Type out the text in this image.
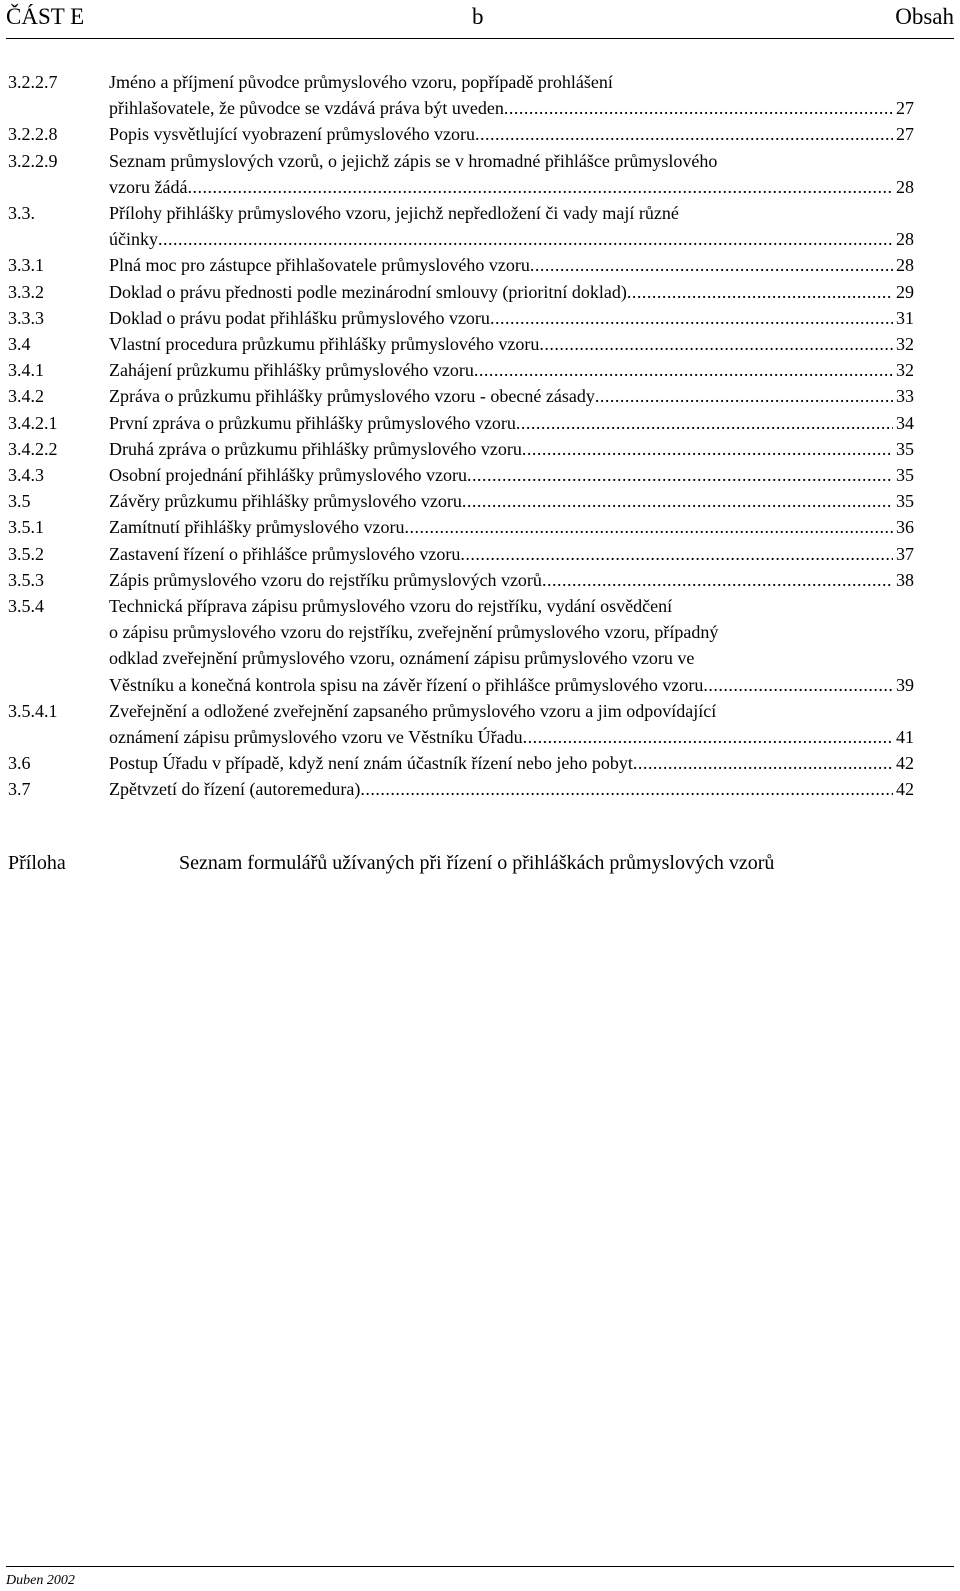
ČÁST E	b	Obsah
3.2.2.7	Jméno a příjmení původce průmyslového vzoru, popřípadě prohlášení
přihlašovatele, že původce se vzdává práva být uveden .....	27
3.2.2.8	Popis vysvětlující vyobrazení průmyslového vzoru .....	27
3.2.2.9	Seznam průmyslových vzorů, o jejichž zápis se v hromadné přihlášce průmyslového
vzoru žádá .....	28
3.3.	Přílohy přihlášky průmyslového vzoru, jejichž nepředložení či vady mají různé
účinky .....	28
3.3.1	Plná moc pro zástupce přihlašovatele průmyslového vzoru .....	28
3.3.2	Doklad o právu přednosti podle mezinárodní smlouvy (prioritní doklad) .....	29
3.3.3	Doklad o právu podat přihlášku průmyslového vzoru .....	31
3.4	Vlastní procedura průzkumu přihlášky průmyslového vzoru .....	32
3.4.1	Zahájení průzkumu přihlášky průmyslového vzoru .....	32
3.4.2	Zpráva o průzkumu přihlášky průmyslového vzoru - obecné zásady .....	33
3.4.2.1	První zpráva o průzkumu přihlášky průmyslového vzoru .....	34
3.4.2.2	Druhá zpráva o průzkumu přihlášky průmyslového vzoru .....	35
3.4.3	Osobní projednání přihlášky průmyslového vzoru .....	35
3.5	Závěry průzkumu přihlášky průmyslového vzoru .....	35
3.5.1	Zamítnutí přihlášky průmyslového vzoru .....	36
3.5.2	Zastavení řízení o přihlášce průmyslového vzoru .....	37
3.5.3	Zápis průmyslového vzoru do rejstříku průmyslových vzorů .....	38
3.5.4	Technická příprava zápisu průmyslového vzoru do rejstříku, vydání osvědčení
o zápisu průmyslového vzoru do rejstříku, zveřejnění průmyslového vzoru, případný
odklad zveřejnění průmyslového vzoru, oznámení zápisu průmyslového vzoru ve
Věstníku a konečná kontrola spisu na závěr řízení o přihlášce průmyslového vzoru .....	39
3.5.4.1	Zveřejnění a odložené zveřejnění zapsaného průmyslového vzoru a jim odpovídající
oznámení zápisu průmyslového vzoru ve Věstníku Úřadu .....	41
3.6	Postup Úřadu v případě, když není znám účastník řízení nebo jeho pobyt .....	42
3.7	Zpětvzetí do řízení (autoremedura) .....	42
Příloha	Seznam formulářů užívaných při řízení o přihláškách průmyslových vzorů
Duben 2002
